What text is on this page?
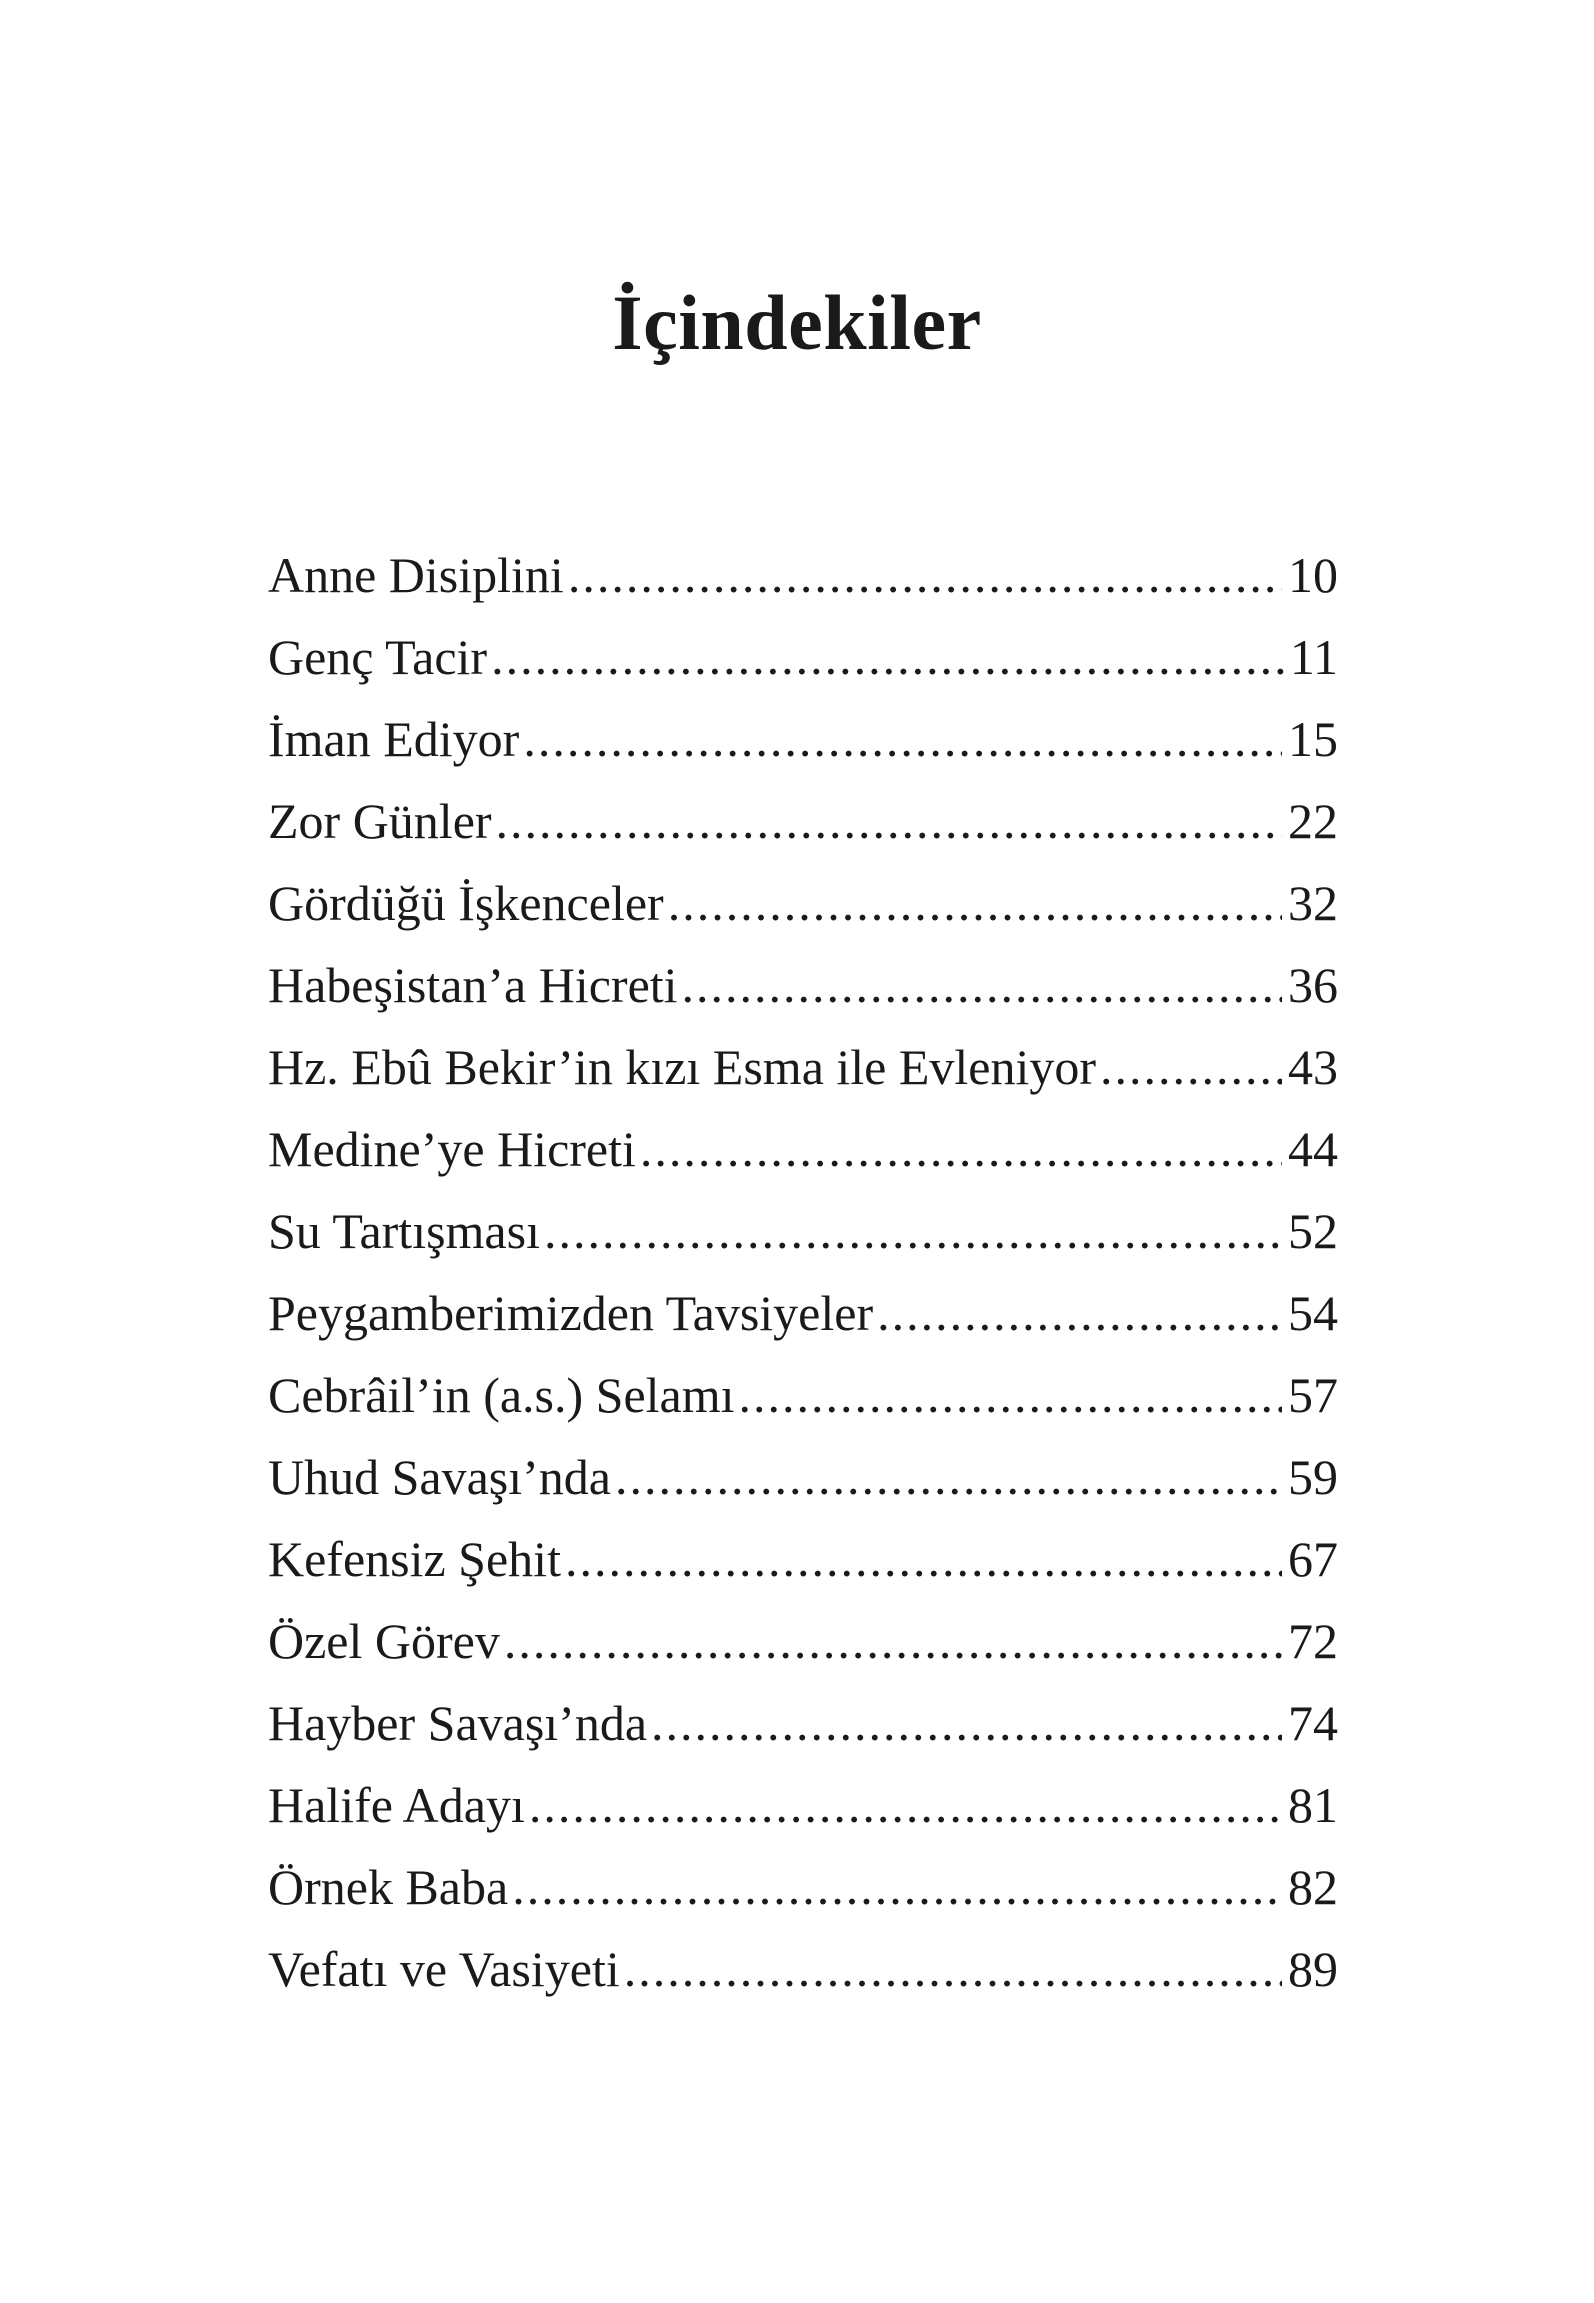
İçindekiler
Anne Disiplini .....	10
Genç Tacir .....	11
İman Ediyor .....	15
Zor Günler .....	22
Gördüğü İşkenceler .....	32
Habeşistan’a Hicreti .....	36
Hz. Ebû Bekir’in kızı Esma ile Evleniyor .....	43
Medine’ye Hicreti .....	44
Su Tartışması .....	52
Peygamberimizden Tavsiyeler .....	54
Cebrâil’in (a.s.) Selamı .....	57
Uhud Savaşı’nda .....	59
Kefensiz Şehit .....	67
Özel Görev .....	72
Hayber Savaşı’nda .....	74
Halife Adayı .....	81
Örnek Baba .....	82
Vefatı ve Vasiyeti .....	89
